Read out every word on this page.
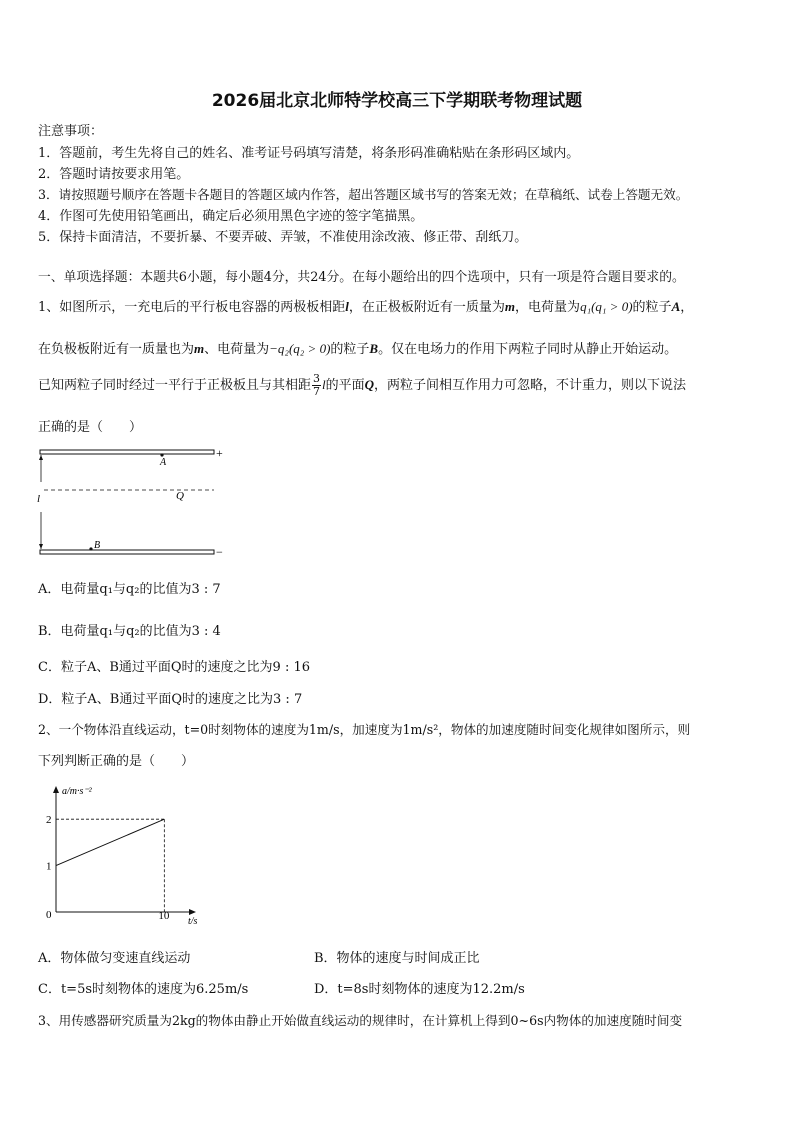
2026届北京北师特学校高三下学期联考物理试题
注意事项：
1．答题前，考生先将自己的姓名、准考证号码填写清楚，将条形码准确粘贴在条形码区域内。
2．答题时请按要求用笔。
3．请按照题号顺序在答题卡各题目的答题区域内作答，超出答题区域书写的答案无效；在草稿纸、试卷上答题无效。
4．作图可先使用铅笔画出，确定后必须用黑色字迹的签字笔描黑。
5．保持卡面清洁，不要折暴、不要弄破、弄皱，不准使用涂改液、修正带、刮纸刀。
一、单项选择题：本题共6小题，每小题4分，共24分。在每小题给出的四个选项中，只有一项是符合题目要求的。
1、如图所示，一充电后的平行板电容器的两极板相距l，在正极板附近有一质量为m，电荷量为q₁(q₁ > 0)的粒子A，
在负极板附近有一质量也为m、电荷量为−q₂(q₂ > 0)的粒子B。仅在电场力的作用下两粒子同时从静止开始运动。
已知两粒子同时经过一平行于正极板且与其相距 $\frac{3}{7}$ l的平面Q，两粒子间相互作用力可忽略，不计重力，则以下说法
正确的是（　　）
+
−
Q
l
A
B
A．电荷量q₁与q₂的比值为3 : 7
B．电荷量q₁与q₂的比值为3 : 4
C．粒子A、B通过平面Q时的速度之比为9 : 16
D．粒子A、B通过平面Q时的速度之比为3 : 7
2、一个物体沿直线运动，t=0时刻物体的速度为1m/s，加速度为1m/s²，物体的加速度随时间变化规律如图所示，则
下列判断正确的是（　　）
a/m·s⁻²
t/s
0	10
1
2
A．物体做匀变速直线运动	B．物体的速度与时间成正比
C．t=5s时刻物体的速度为6.25m/s	D．t=8s时刻物体的速度为12.2m/s
3、用传感器研究质量为2kg的物体由静止开始做直线运动的规律时，在计算机上得到0~6s内物体的加速度随时间变
